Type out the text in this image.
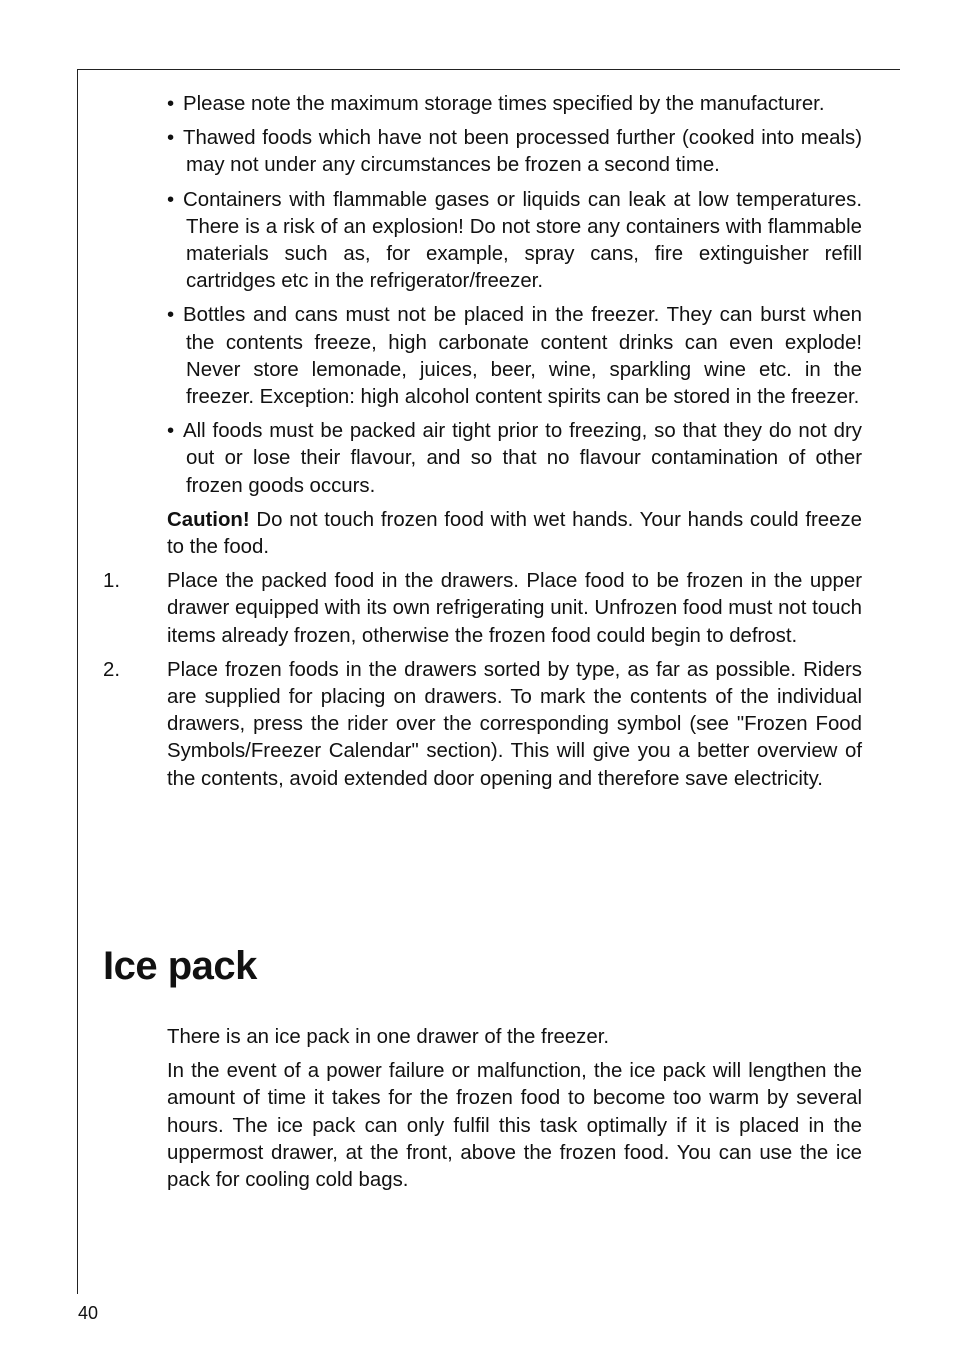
• Please note the maximum storage times specified by the manufacturer.
• Thawed foods which have not been processed further (cooked into meals) may not under any circumstances be frozen a second time.
• Containers with flammable gases or liquids can leak at low temperatures. There is a risk of an explosion! Do not store any containers with flammable materials such as, for example, spray cans, fire extinguisher refill cartridges etc in the refrigerator/freezer.
• Bottles and cans must not be placed in the freezer. They can burst when the contents freeze, high carbonate content drinks can even explode! Never store lemonade, juices, beer, wine, sparkling wine etc. in the freezer. Exception: high alcohol content spirits can be stored in the freezer.
• All foods must be packed air tight prior to freezing, so that they do not dry out or lose their flavour, and so that no flavour contamination of other frozen goods occurs.
Caution! Do not touch frozen food with wet hands. Your hands could freeze to the food.
1. Place the packed food in the drawers. Place food to be frozen in the upper drawer equipped with its own refrigerating unit. Unfrozen food must not touch items already frozen, otherwise the frozen food could begin to defrost.
2. Place frozen foods in the drawers sorted by type, as far as possible. Riders are supplied for placing on drawers. To mark the contents of the individual drawers, press the rider over the corresponding symbol (see "Frozen Food Symbols/Freezer Calendar" section). This will give you a better overview of the contents, avoid extended door opening and therefore save electricity.
Ice pack
There is an ice pack in one drawer of the freezer.
In the event of a power failure or malfunction, the ice pack will lengthen the amount of time it takes for the frozen food to become too warm by several hours. The ice pack can only fulfil this task optimally if it is placed in the uppermost drawer, at the front, above the frozen food. You can use the ice pack for cooling cold bags.
40
